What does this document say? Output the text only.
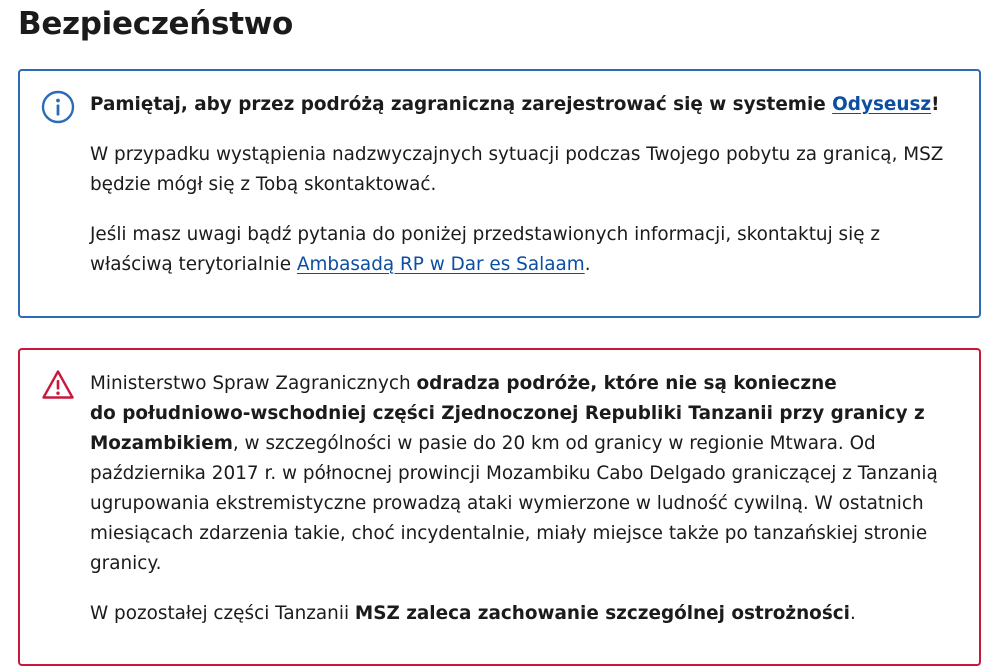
Bezpieczeństwo

Pamiętaj, aby przez podróżą zagraniczną zarejestrować się w systemie Odyseusz!

W przypadku wystąpienia nadzwyczajnych sytuacji podczas Twojego pobytu za granicą, MSZ będzie mógł się z Tobą skontaktować.

Jeśli masz uwagi bądź pytania do poniżej przedstawionych informacji, skontaktuj się z właściwą terytorialnie Ambasadą RP w Dar es Salaam.

Ministerstwo Spraw Zagranicznych odradza podróże, które nie są konieczne
do południowo-wschodniej części Zjednoczonej Republiki Tanzanii przy granicy z Mozambikiem, w szczególności w pasie do 20 km od granicy w regionie Mtwara. Od października 2017 r. w północnej prowincji Mozambiku Cabo Delgado graniczącej z Tanzanią ugrupowania ekstremistyczne prowadzą ataki wymierzone w ludność cywilną. W ostatnich miesiącach zdarzenia takie, choć incydentalnie, miały miejsce także po tanzańskiej stronie granicy.

W pozostałej części Tanzanii MSZ zaleca zachowanie szczególnej ostrożności.
